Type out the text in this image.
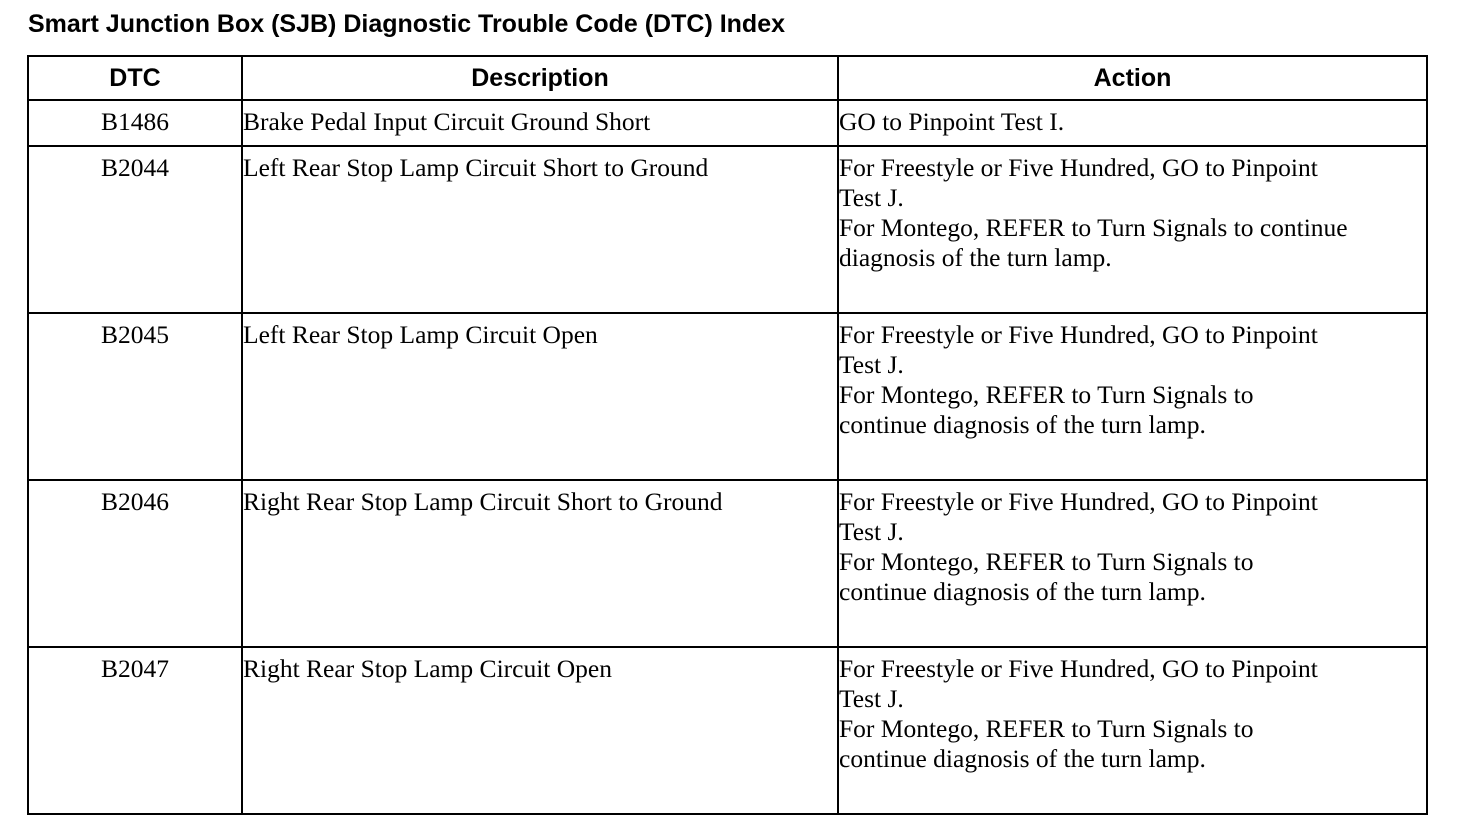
Smart Junction Box (SJB) Diagnostic Trouble Code (DTC) Index
DTC	Description	Action
B1486	Brake Pedal Input Circuit Ground Short	GO to Pinpoint Test I.

B2044	Left Rear Stop Lamp Circuit Short to Ground	For Freestyle or Five Hundred, GO to Pinpoint
Test J.
For Montego, REFER to Turn Signals to continue
diagnosis of the turn lamp.

B2045	Left Rear Stop Lamp Circuit Open	For Freestyle or Five Hundred, GO to Pinpoint
Test J.
For Montego, REFER to Turn Signals to
continue diagnosis of the turn lamp.

B2046	Right Rear Stop Lamp Circuit Short to Ground	For Freestyle or Five Hundred, GO to Pinpoint
Test J.
For Montego, REFER to Turn Signals to
continue diagnosis of the turn lamp.

B2047	Right Rear Stop Lamp Circuit Open	For Freestyle or Five Hundred, GO to Pinpoint
Test J.
For Montego, REFER to Turn Signals to
continue diagnosis of the turn lamp.
